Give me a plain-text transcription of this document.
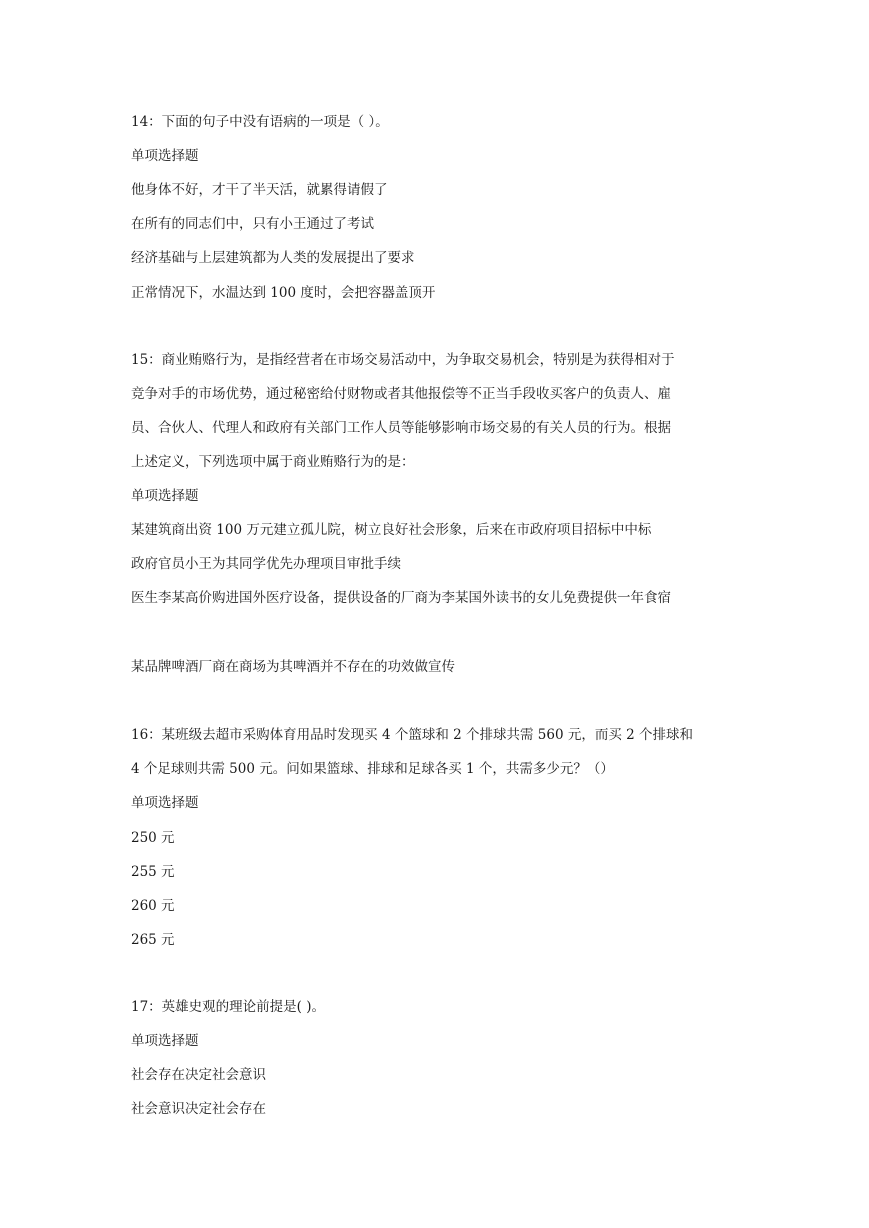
14：下面的句子中没有语病的一项是（ ）。
单项选择题
他身体不好，才干了半天活，就累得请假了
在所有的同志们中，只有小王通过了考试
经济基础与上层建筑都为人类的发展提出了要求
正常情况下，水温达到 100 度时，会把容器盖顶开
15：商业贿赂行为，是指经营者在市场交易活动中，为争取交易机会，特别是为获得相对于
竞争对手的市场优势，通过秘密给付财物或者其他报偿等不正当手段收买客户的负责人、雇
员、合伙人、代理人和政府有关部门工作人员等能够影响市场交易的有关人员的行为。根据
上述定义，下列选项中属于商业贿赂行为的是：
单项选择题
某建筑商出资 100 万元建立孤儿院，树立良好社会形象，后来在市政府项目招标中中标
政府官员小王为其同学优先办理项目审批手续
医生李某高价购进国外医疗设备，提供设备的厂商为李某国外读书的女儿免费提供一年食宿
某品牌啤酒厂商在商场为其啤酒并不存在的功效做宣传
16：某班级去超市采购体育用品时发现买 4 个篮球和 2 个排球共需 560 元，而买 2 个排球和
4 个足球则共需 500 元。问如果篮球、排球和足球各买 1 个，共需多少元？（）
单项选择题
250 元
255 元
260 元
265 元
17：英雄史观的理论前提是( )。
单项选择题
社会存在决定社会意识
社会意识决定社会存在
